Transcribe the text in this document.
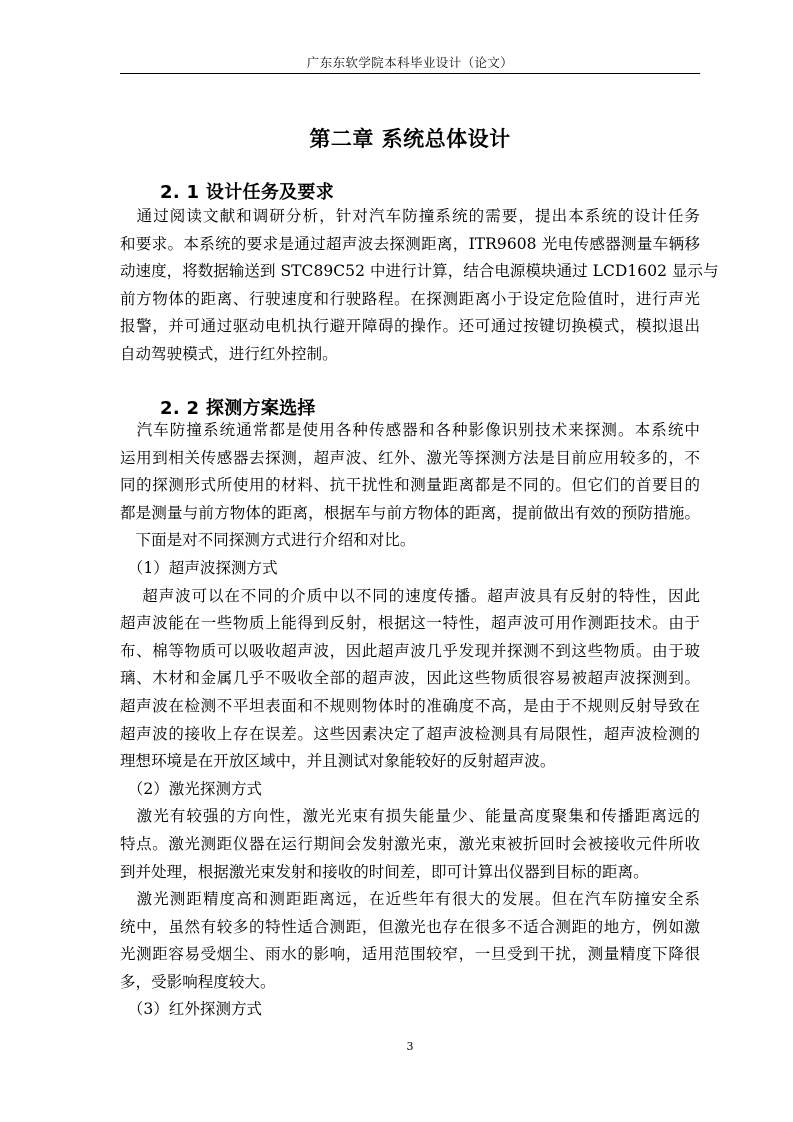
广东东软学院本科毕业设计（论文）
第二章 系统总体设计
2. 1 设计任务及要求
　通过阅读文献和调研分析，针对汽车防撞系统的需要，提出本系统的设计任务
和要求。本系统的要求是通过超声波去探测距离，ITR9608 光电传感器测量车辆移
动速度，将数据输送到 STC89C52 中进行计算，结合电源模块通过 LCD1602 显示与
前方物体的距离、行驶速度和行驶路程。在探测距离小于设定危险值时，进行声光
报警，并可通过驱动电机执行避开障碍的操作。还可通过按键切换模式，模拟退出
自动驾驶模式，进行红外控制。
2. 2 探测方案选择
　汽车防撞系统通常都是使用各种传感器和各种影像识别技术来探测。本系统中
运用到相关传感器去探测，超声波、红外、激光等探测方法是目前应用较多的，不
同的探测形式所使用的材料、抗干扰性和测量距离都是不同的。但它们的首要目的
都是测量与前方物体的距离，根据车与前方物体的距离，提前做出有效的预防措施。
　下面是对不同探测方式进行介绍和对比。
　（1）超声波探测方式
　 超声波可以在不同的介质中以不同的速度传播。超声波具有反射的特性，因此
超声波能在一些物质上能得到反射，根据这一特性，超声波可用作测距技术。由于
布、棉等物质可以吸收超声波，因此超声波几乎发现并探测不到这些物质。由于玻
璃、木材和金属几乎不吸收全部的超声波，因此这些物质很容易被超声波探测到。
超声波在检测不平坦表面和不规则物体时的准确度不高，是由于不规则反射导致在
超声波的接收上存在误差。这些因素决定了超声波检测具有局限性，超声波检测的
理想环境是在开放区域中，并且测试对象能较好的反射超声波。
　（2）激光探测方式
　激光有较强的方向性，激光光束有损失能量少、能量高度聚集和传播距离远的
特点。激光测距仪器在运行期间会发射激光束，激光束被折回时会被接收元件所收
到并处理，根据激光束发射和接收的时间差，即可计算出仪器到目标的距离。
　激光测距精度高和测距距离远，在近些年有很大的发展。但在汽车防撞安全系
统中，虽然有较多的特性适合测距，但激光也存在很多不适合测距的地方，例如激
光测距容易受烟尘、雨水的影响，适用范围较窄，一旦受到干扰，测量精度下降很
多，受影响程度较大。
　（3）红外探测方式
3
